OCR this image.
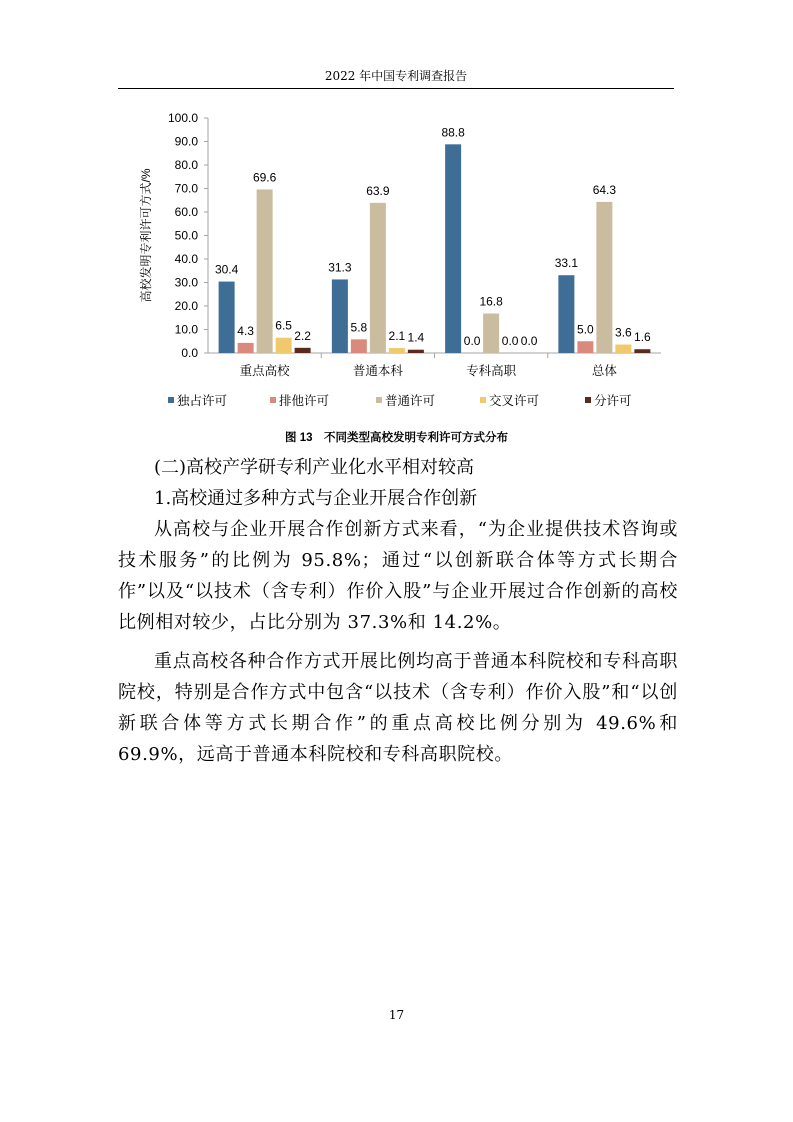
2022 年中国专利调查报告
0.0
10.0
20.0
30.0
40.0
50.0
60.0
70.0
80.0
90.0
100.0
高校发明专利许可方式/%
重点高校
30.4
4.3
69.6
6.5
2.2
普通本科
31.3
5.8
63.9
2.1 1.4
专科高职
88.8
0.0
16.8
0.0 0.0
总体
33.1
5.0
64.3
3.6 1.6
独占许可	排他许可	普通许可	交叉许可	分许可
图 13　不同类型高校发明专利许可方式分布

(二)高校产学研专利产业化水平相对较高

1.高校通过多种方式与企业开展合作创新

从高校与企业开展合作创新方式来看，“为企业提供技术咨询或技术服务”的比例为 95.8%；通过“以创新联合体等方式长期合作”以及“以技术（含专利）作价入股”与企业开展过合作创新的高校比例相对较少，占比分别为 37.3%和 14.2%。

重点高校各种合作方式开展比例均高于普通本科院校和专科高职院校，特别是合作方式中包含“以技术（含专利）作价入股”和“以创新联合体等方式长期合作”的重点高校比例分别为 49.6%和 69.9%，远高于普通本科院校和专科高职院校。

17
